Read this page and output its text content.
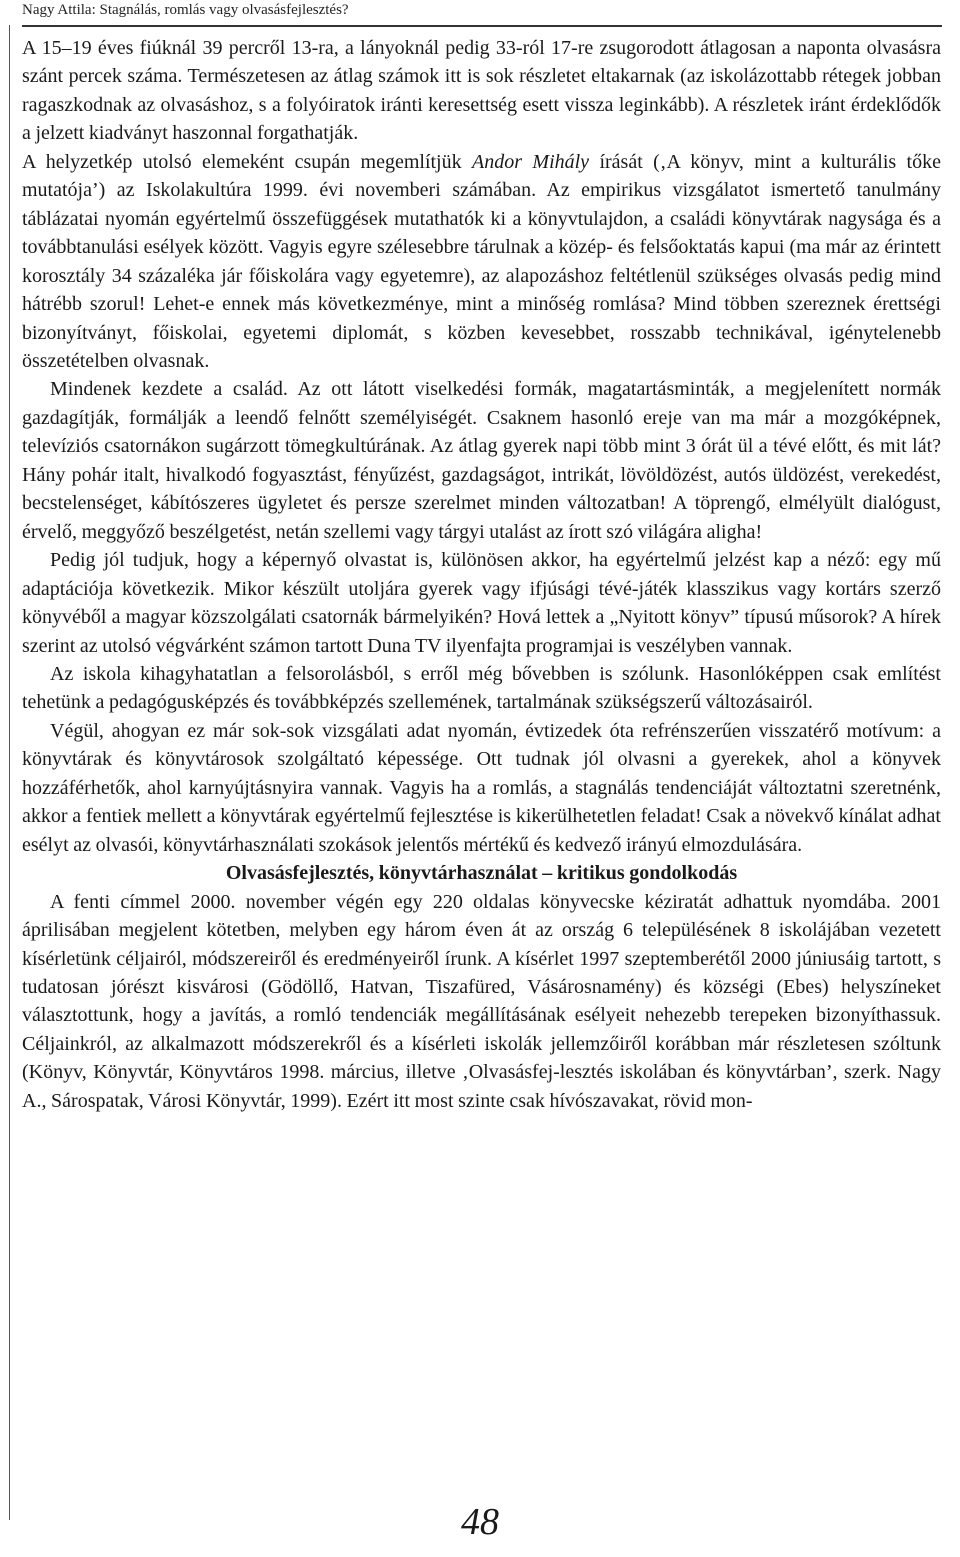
Nagy Attila: Stagnálás, romlás vagy olvasásfejlesztés?

A 15–19 éves fiúknál 39 percről 13-ra, a lányoknál pedig 33-ról 17-re zsugorodott átlagosan a naponta olvasásra szánt percek száma. Természetesen az átlag számok itt is sok részletet eltakarnak (az iskolázottabb rétegek jobban ragaszkodnak az olvasáshoz, s a folyóiratok iránti keresettség esett vissza leginkább). A részletek iránt érdeklődők a jelzett kiadványt haszonnal forgathatják.

A helyzetkép utolsó elemeként csupán megemlítjük Andor Mihály írását (‚A könyv, mint a kulturális tőke mutatója’) az Iskolakultúra 1999. évi novemberi számában. Az empirikus vizsgálatot ismertető tanulmány táblázatai nyomán egyértelmű összefüggések mutathatók ki a könyvtulajdon, a családi könyvtárak nagysága és a továbbtanulási esélyek között. Vagyis egyre szélesebbre tárulnak a közép- és felsőoktatás kapui (ma már az érintett korosztály 34 százaléka jár főiskolára vagy egyetemre), az alapozáshoz feltétlenül szükséges olvasás pedig mind hátrébb szorul! Lehet-e ennek más következménye, mint a minőség romlása? Mind többen szereznek érettségi bizonyítványt, főiskolai, egyetemi diplomát, s közben kevesebbet, rosszabb technikával, igénytelenebb összetételben olvasnak.

Mindenek kezdete a család. Az ott látott viselkedési formák, magatartásminták, a megjelenített normák gazdagítják, formálják a leendő felnőtt személyiségét. Csaknem hasonló ereje van ma már a mozgóképnek, televíziós csatornákon sugárzott tömegkultúrának. Az átlag gyerek napi több mint 3 órát ül a tévé előtt, és mit lát? Hány pohár italt, hivalkodó fogyasztást, fényűzést, gazdagságot, intrikát, lövöldözést, autós üldözést, verekedést, becstelenséget, kábítószeres ügyletet és persze szerelmet minden változatban! A töprengő, elmélyült dialógust, érvelő, meggyőző beszélgetést, netán szellemi vagy tárgyi utalást az írott szó világára aligha!

Pedig jól tudjuk, hogy a képernyő olvastat is, különösen akkor, ha egyértelmű jelzést kap a néző: egy mű adaptációja következik. Mikor készült utoljára gyerek vagy ifjúsági tévé-játék klasszikus vagy kortárs szerző könyvéből a magyar közszolgálati csatornák bármelyikén? Hová lettek a „Nyitott könyv” típusú műsorok? A hírek szerint az utolsó végvárként számon tartott Duna TV ilyenfajta programjai is veszélyben vannak.

Az iskola kihagyhatatlan a felsorolásból, s erről még bővebben is szólunk. Hasonlóképpen csak említést tehetünk a pedagógusképzés és továbbképzés szellemének, tartalmának szükségszerű változásairól.

Végül, ahogyan ez már sok-sok vizsgálati adat nyomán, évtizedek óta refrénszerűen visszatérő motívum: a könyvtárak és könyvtárosok szolgáltató képessége. Ott tudnak jól olvasni a gyerekek, ahol a könyvek hozzáférhetők, ahol karnyújtásnyira vannak. Vagyis ha a romlás, a stagnálás tendenciáját változtatni szeretnénk, akkor a fentiek mellett a könyvtárak egyértelmű fejlesztése is kikerülhetetlen feladat! Csak a növekvő kínálat adhat esélyt az olvasói, könyvtárhasználati szokások jelentős mértékű és kedvező irányú elmozdulására.

Olvasásfejlesztés, könyvtárhasználat – kritikus gondolkodás

A fenti címmel 2000. november végén egy 220 oldalas könyvecske kéziratát adhattuk nyomdába. 2001 áprilisában megjelent kötetben, melyben egy három éven át az ország 6 településének 8 iskolájában vezetett kísérletünk céljairól, módszereiről és eredményeiről írunk. A kísérlet 1997 szeptemberétől 2000 júniusáig tartott, s tudatosan jórészt kisvárosi (Gödöllő, Hatvan, Tiszafüred, Vásárosnamény) és községi (Ebes) helyszíneket választottunk, hogy a javítás, a romló tendenciák megállításának esélyeit nehezebb terepeken bizonyíthassuk. Céljainkról, az alkalmazott módszerekről és a kísérleti iskolák jellemzőiről korábban már részletesen szóltunk (Könyv, Könyvtár, Könyvtáros 1998. március, illetve ‚Olvasásfej-lesztés iskolában és könyvtárban’, szerk. Nagy A., Sárospatak, Városi Könyvtár, 1999). Ezért itt most szinte csak hívószavakat, rövid mon-

48
